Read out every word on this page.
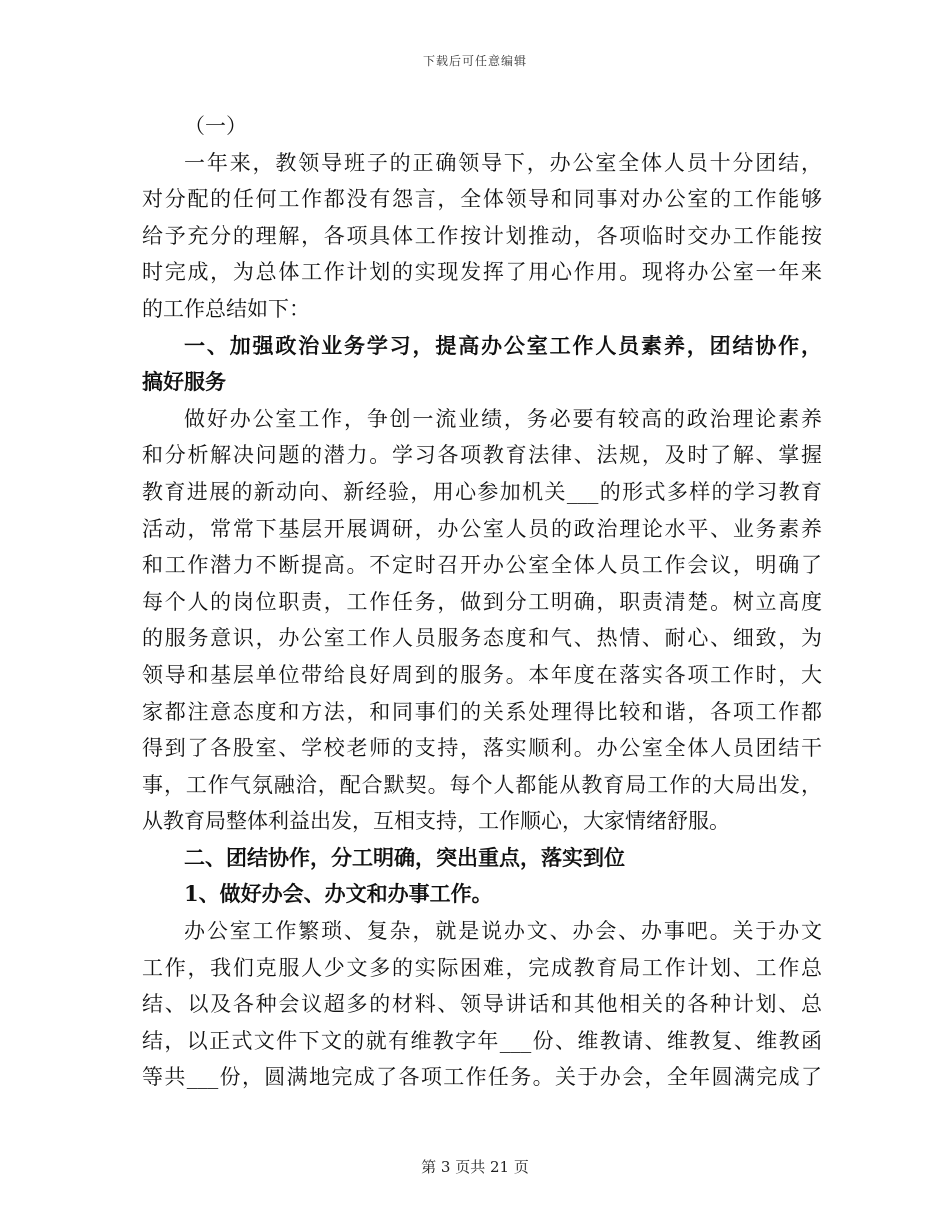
下载后可任意编辑
（一）
一年来，教领导班子的正确领导下，办公室全体人员十分团结，
对分配的任何工作都没有怨言，全体领导和同事对办公室的工作能够
给予充分的理解，各项具体工作按计划推动，各项临时交办工作能按
时完成，为总体工作计划的实现发挥了用心作用。现将办公室一年来
的工作总结如下：
一、加强政治业务学习，提高办公室工作人员素养，团结协作，
搞好服务
做好办公室工作，争创一流业绩，务必要有较高的政治理论素养
和分析解决问题的潜力。学习各项教育法律、法规，及时了解、掌握
教育进展的新动向、新经验，用心参加机关___的形式多样的学习教育
活动，常常下基层开展调研，办公室人员的政治理论水平、业务素养
和工作潜力不断提高。不定时召开办公室全体人员工作会议，明确了
每个人的岗位职责，工作任务，做到分工明确，职责清楚。树立高度
的服务意识，办公室工作人员服务态度和气、热情、耐心、细致，为
领导和基层单位带给良好周到的服务。本年度在落实各项工作时，大
家都注意态度和方法，和同事们的关系处理得比较和谐，各项工作都
得到了各股室、学校老师的支持，落实顺利。办公室全体人员团结干
事，工作气氛融洽，配合默契。每个人都能从教育局工作的大局出发，
从教育局整体利益出发，互相支持，工作顺心，大家情绪舒服。
二、团结协作，分工明确，突出重点，落实到位
1、做好办会、办文和办事工作。
办公室工作繁琐、复杂，就是说办文、办会、办事吧。关于办文
工作，我们克服人少文多的实际困难，完成教育局工作计划、工作总
结、以及各种会议超多的材料、领导讲话和其他相关的各种计划、总
结，以正式文件下文的就有维教字年___份、维教请、维教复、维教函
等共___份，圆满地完成了各项工作任务。关于办会，全年圆满完成了
第 3 页共 21 页
